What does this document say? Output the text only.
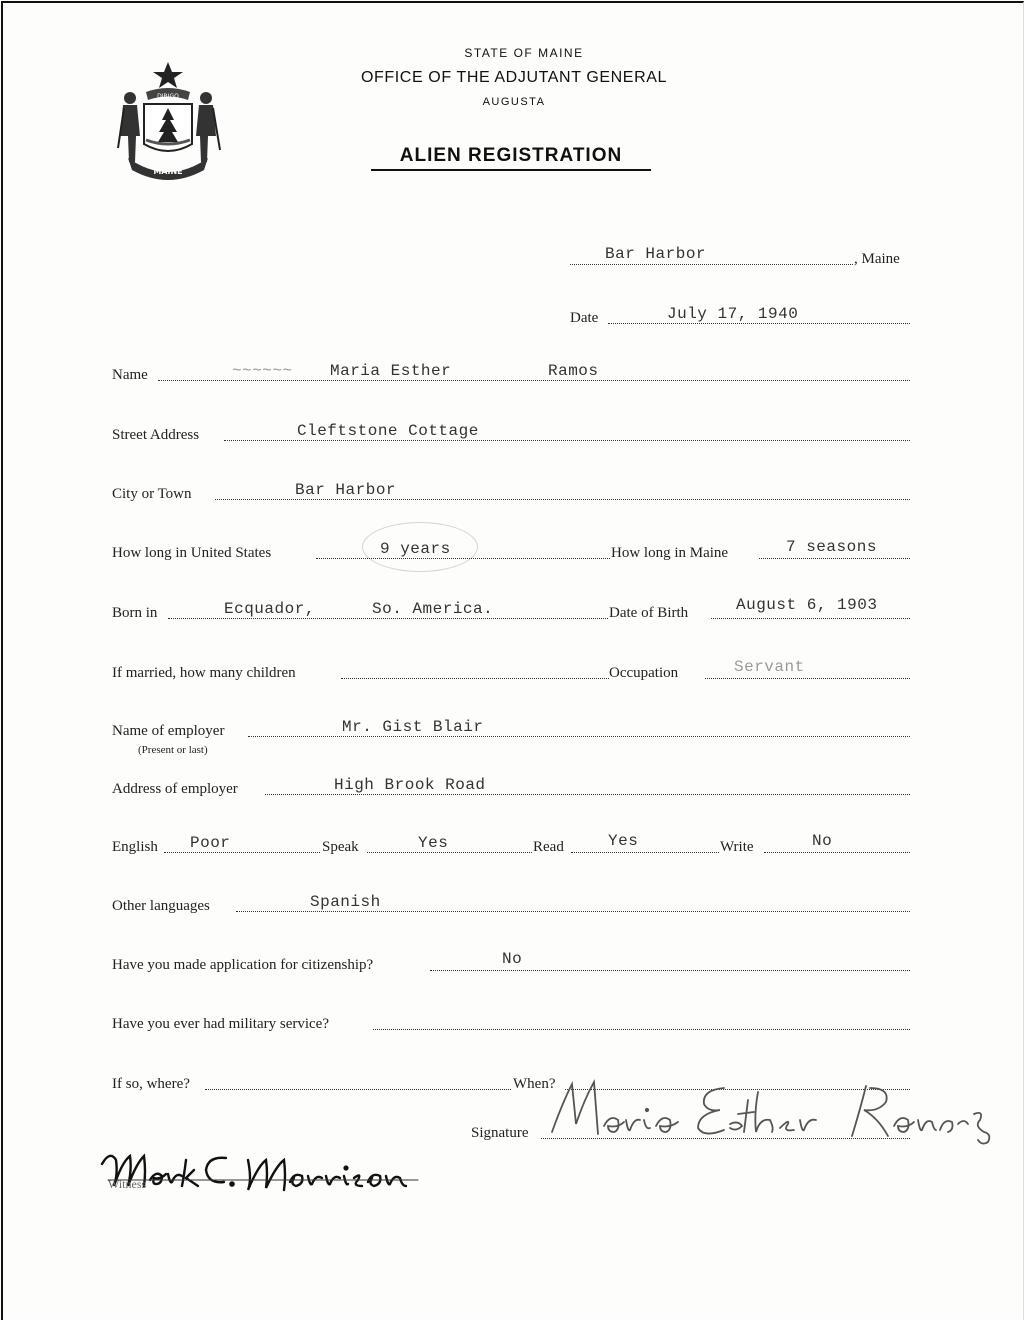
DIRIGO
MAINE
STATE OF MAINE
OFFICE OF THE ADJUTANT GENERAL
AUGUSTA
ALIEN REGISTRATION
Bar Harbor	, Maine
Date	July 17, 1940
Name	~~~~~~ Maria Esther	Ramos
Street Address	Cleftstone Cottage
City or Town	Bar Harbor
How long in United States	9 years	How long in Maine	7 seasons
Born in	Ecquador,	So. America.	Date of Birth	August 6, 1903
If married, how many children	Occupation	Servant
Name of employer	Mr. Gist Blair
(Present or last)
Address of employer	High Brook Road
English Poor	Speak	Yes	Read	Yes	Write	No
Other languages	Spanish
Have you made application for citizenship?	No
Have you ever had military service?
If so, where?	When?
Signature
Witness
